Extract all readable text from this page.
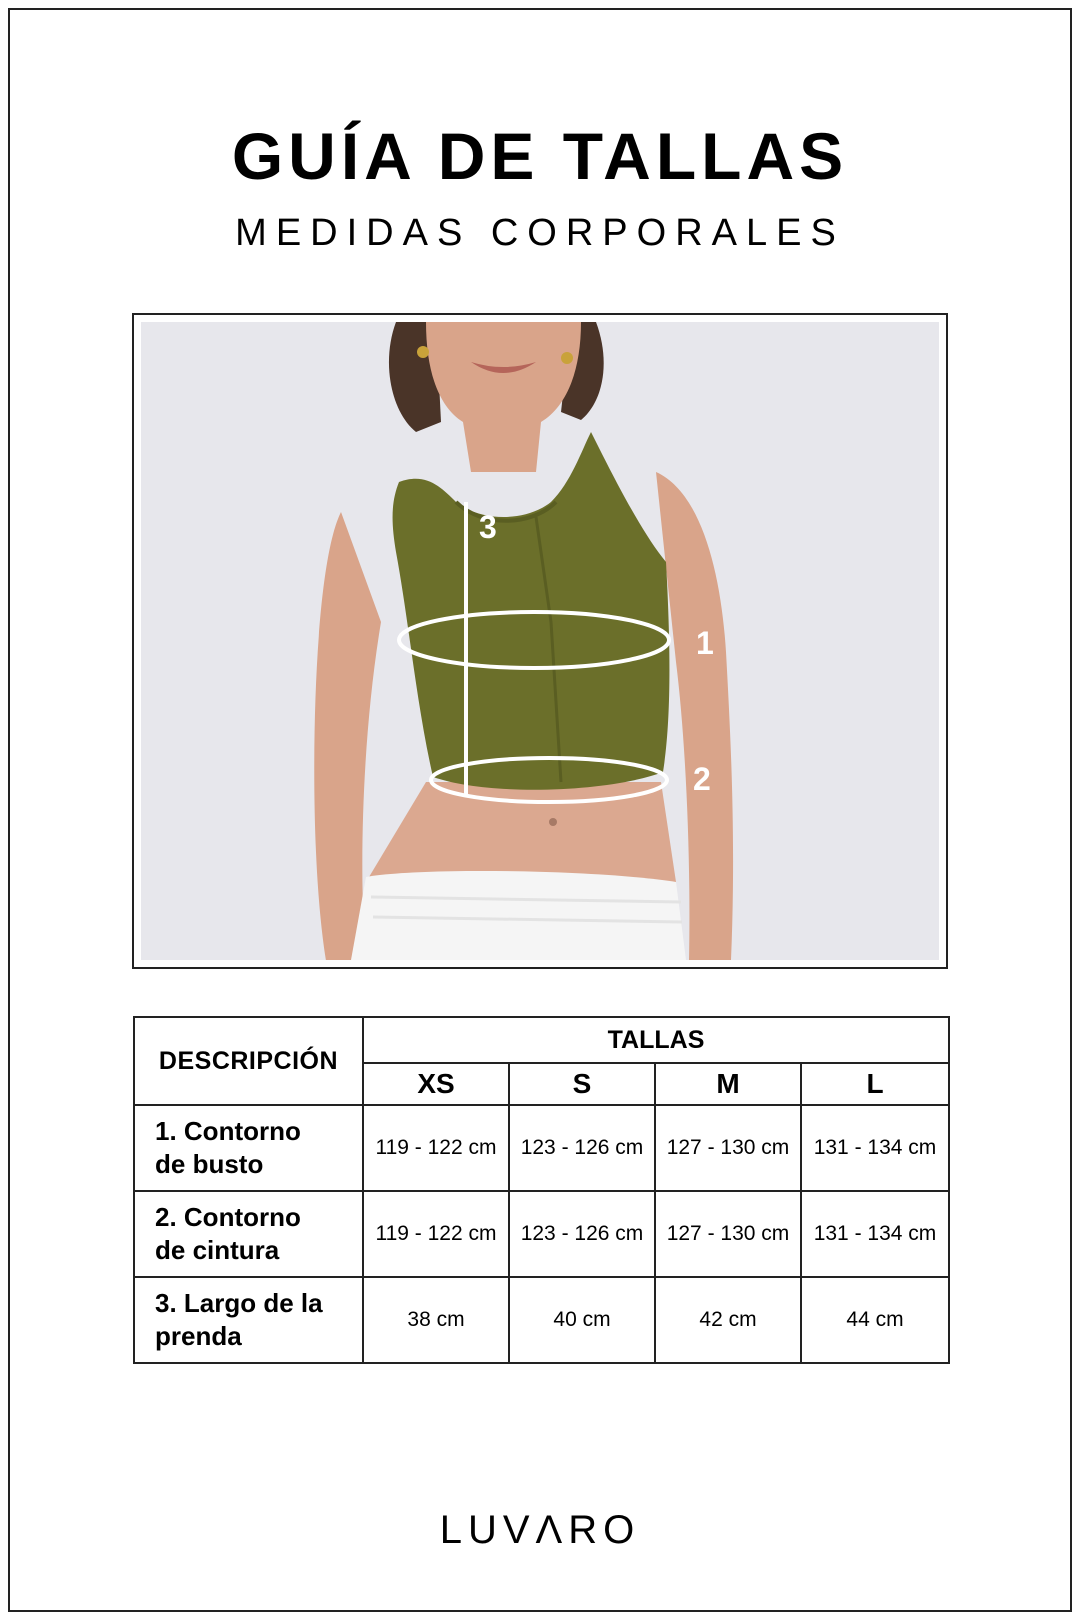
GUÍA DE TALLAS
MEDIDAS CORPORALES
1
2
3
DESCRIPCIÓN	TALLAS			
	XS	S	M	L
1. Contorno
de busto	119 - 122 cm	123 - 126 cm	127 - 130 cm	131 - 134 cm
2. Contorno
de cintura	119 - 122 cm	123 - 126 cm	127 - 130 cm	131 - 134 cm
3. Largo de la
prenda	38 cm	40 cm	42 cm	44 cm
LUVΛRO
